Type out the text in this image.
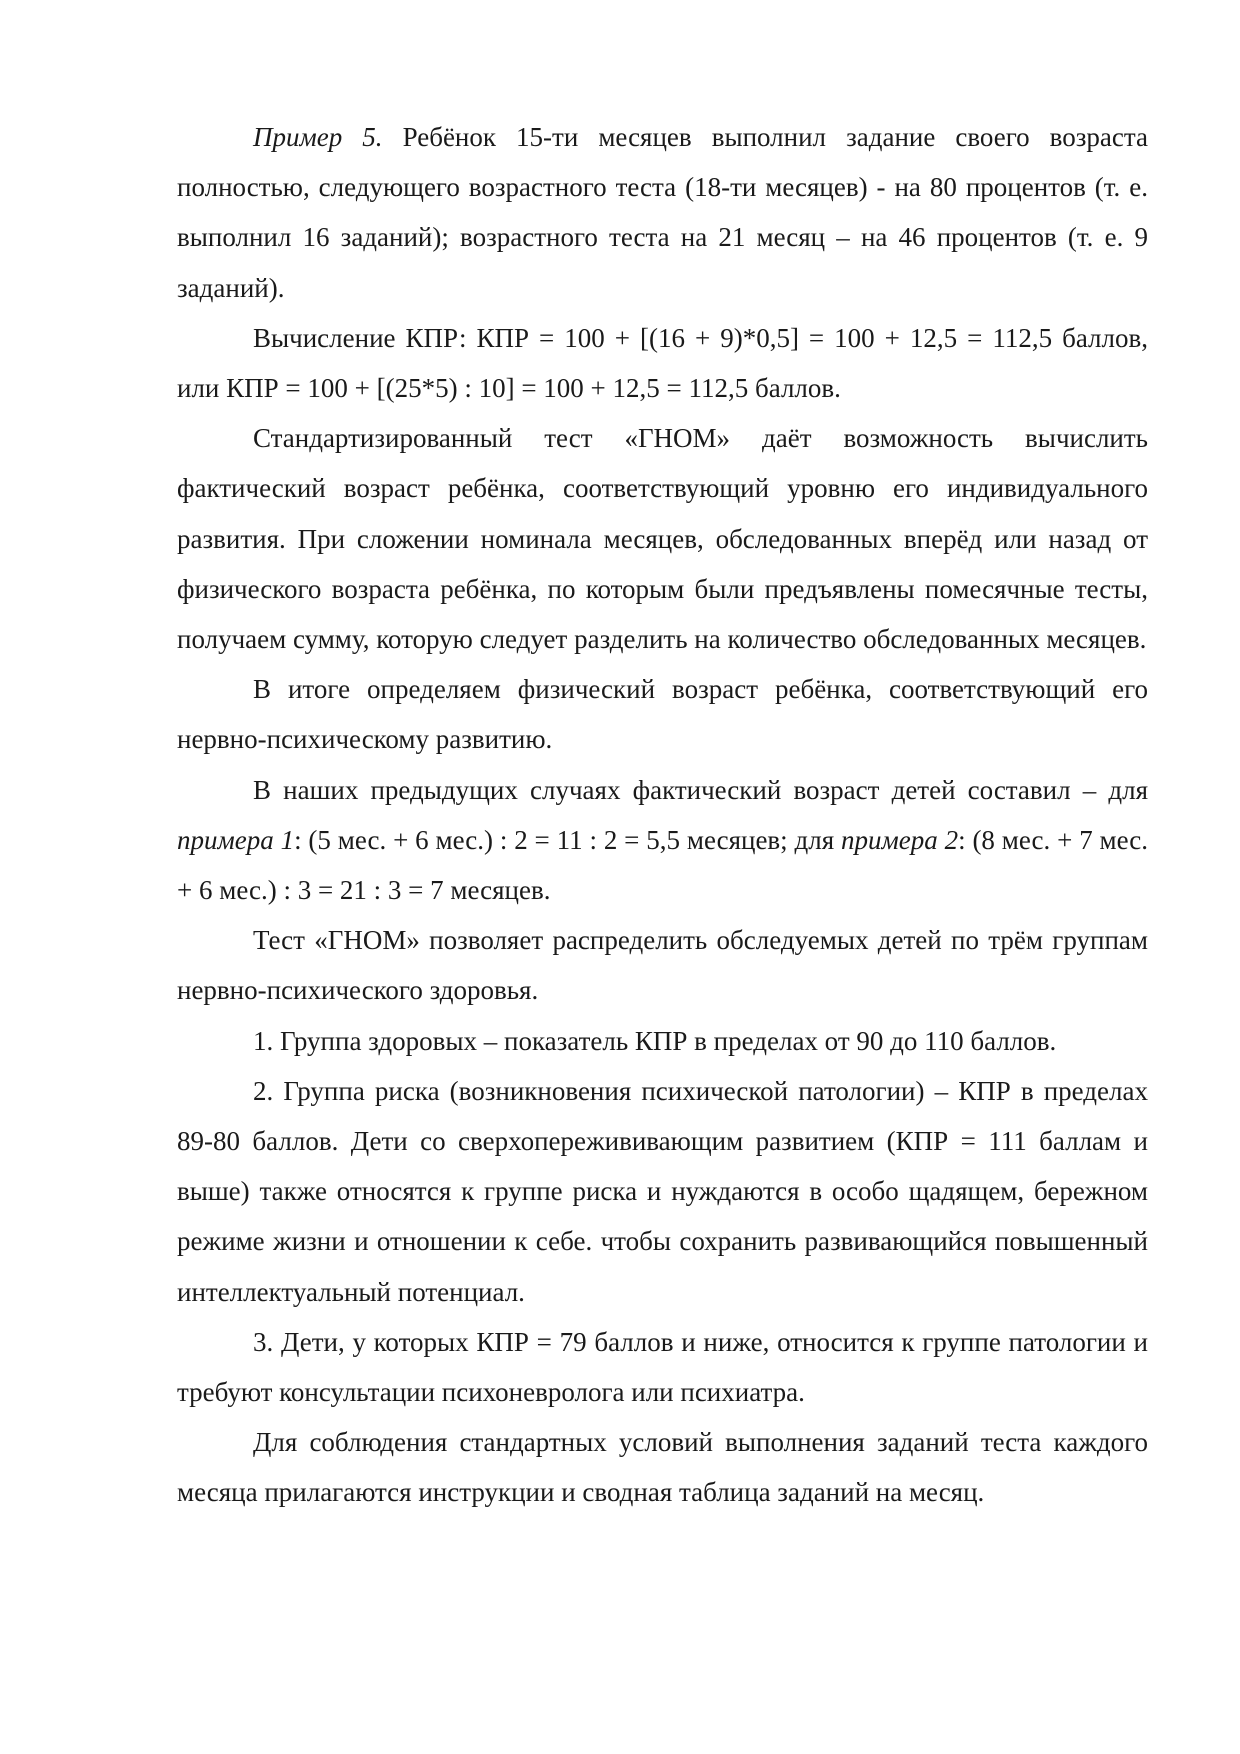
Пример 5. Ребёнок 15-ти месяцев выполнил задание своего возраста полностью, следующего возрастного теста (18-ти месяцев) - на 80 процентов (т. е. выполнил 16 заданий); возрастного теста на 21 месяц – на 46 процентов (т. е. 9 заданий).

Вычисление КПР: КПР = 100 + [(16 + 9)*0,5] = 100 + 12,5 = 112,5 баллов, или КПР = 100 + [(25*5) : 10] = 100 + 12,5 = 112,5 баллов.

Стандартизированный тест «ГНОМ» даёт возможность вычислить фактический возраст ребёнка, соответствующий уровню его индивидуального развития. При сложении номинала месяцев, обследованных вперёд или назад от физического возраста ребёнка, по которым были предъявлены помесячные тесты, получаем сумму, которую следует разделить на количество обследованных месяцев.

В итоге определяем физический возраст ребёнка, соответствующий его нервно-психическому развитию.

В наших предыдущих случаях фактический возраст детей составил – для примера 1: (5 мес. + 6 мес.) : 2 = 11 : 2 = 5,5 месяцев; для примера 2: (8 мес. + 7 мес. + 6 мес.) : 3 = 21 : 3 = 7 месяцев.

Тест «ГНОМ» позволяет распределить обследуемых детей по трём группам нервно-психического здоровья.

1. Группа здоровых – показатель КПР в пределах от 90 до 110 баллов.

2. Группа риска (возникновения психической патологии) – КПР в пределах 89-80 баллов. Дети со сверхопережививающим развитием (КПР = 111 баллам и выше) также относятся к группе риска и нуждаются в особо щадящем, бережном режиме жизни и отношении к себе. чтобы сохранить развивающийся повышенный интеллектуальный потенциал.

3. Дети, у которых КПР = 79 баллов и ниже, относится к группе патологии и требуют консультации психоневролога или психиатра.

Для соблюдения стандартных условий выполнения заданий теста каждого месяца прилагаются инструкции и сводная таблица заданий на месяц.
